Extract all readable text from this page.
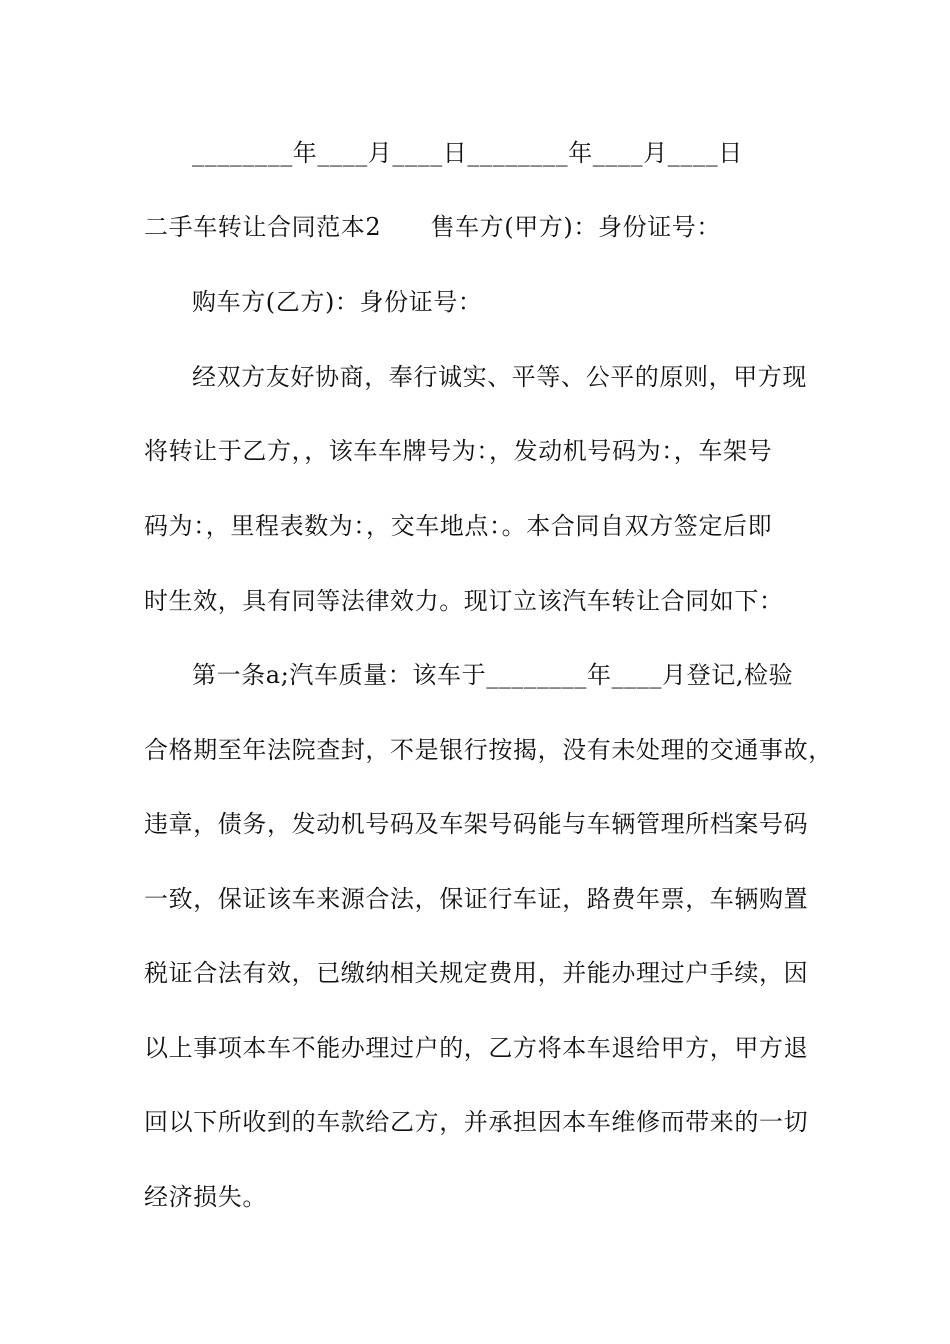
________年____月____日________年____月____日
二手车转让合同范本2　　售车方(甲方)：身份证号：
购车方(乙方)：身份证号：
经双方友好协商，奉行诚实、平等、公平的原则，甲方现
将转让于乙方，，该车车牌号为：，发动机号码为：，车架号
码为：，里程表数为：，交车地点：。本合同自双方签定后即
时生效，具有同等法律效力。现订立该汽车转让合同如下：
第一条a;汽车质量：该车于________年____月登记,检验
合格期至年法院查封，不是银行按揭，没有未处理的交通事故，
违章，债务，发动机号码及车架号码能与车辆管理所档案号码
一致，保证该车来源合法，保证行车证，路费年票，车辆购置
税证合法有效，已缴纳相关规定费用，并能办理过户手续，因
以上事项本车不能办理过户的，乙方将本车退给甲方，甲方退
回以下所收到的车款给乙方，并承担因本车维修而带来的一切
经济损失。
